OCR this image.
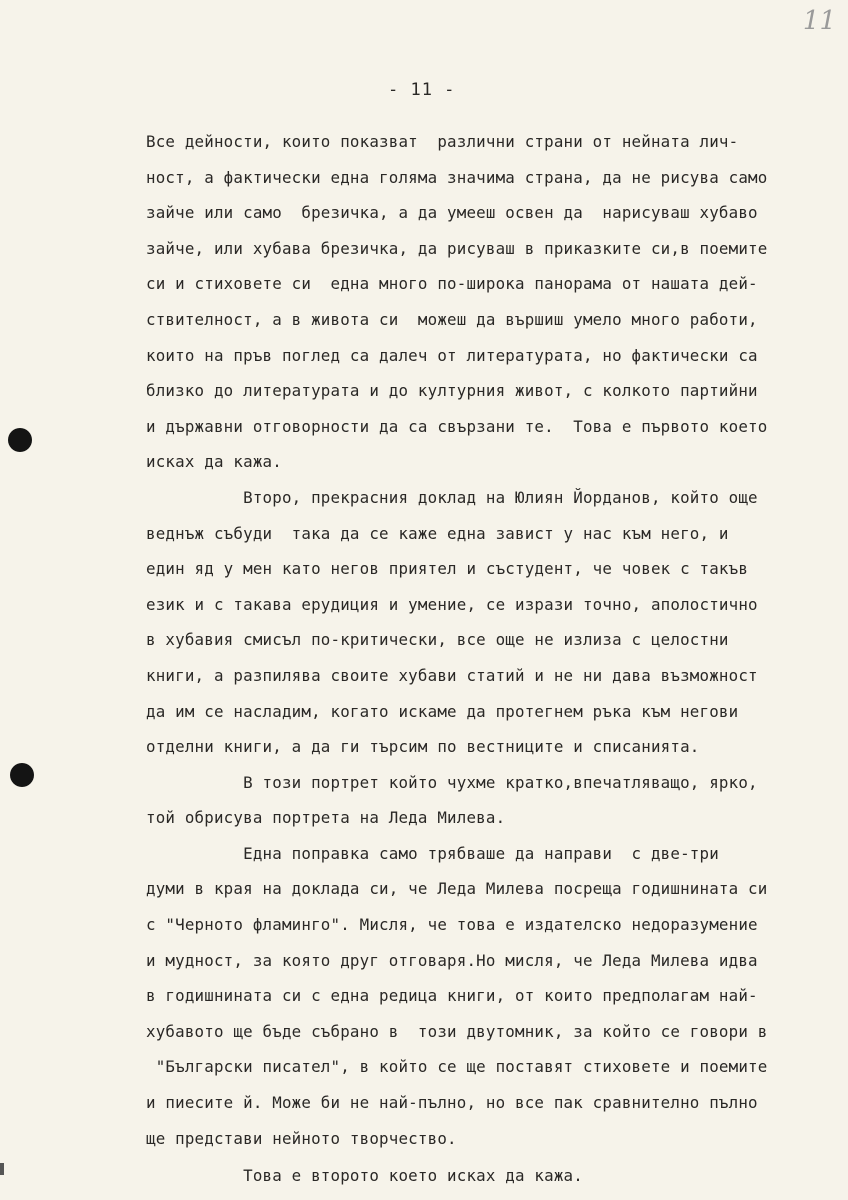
11
- 11 -
Все дейности, които показват  различни страни от нейната лич-
ност, а фактически една голяма значима страна, да не рисува само
зайче или само  брезичка, а да умееш освен да  нарисуваш хубаво
зайче, или хубава брезичка, да рисуваш в приказките си,в поемите
си и стиховете си  една много по-широка панорама от нашата дей-
ствителност, а в живота си  можеш да вършиш умело много работи,
които на пръв поглед са далеч от литературата, но фактически са
близко до литературата и до културния живот, с колкото партийни
и държавни отговорности да са свързани те.  Това е първото което
исках да кажа.
Второ, прекрасния доклад на Юлиян Йорданов, който още
веднъж събуди  така да се каже една завист у нас към него, и
един яд у мен като негов приятел и състудент, че човек с такъв
език и с такава ерудиция и умение, се изрази точно, аполостично
в хубавия смисъл по-критически, все още не излиза с целостни
книги, а разпилява своите хубави статий и не ни дава възможност
да им се насладим, когато искаме да протегнем ръка към негови
отделни книги, а да ги търсим по вестниците и списанията.
В този портрет който чухме кратко,впечатляващо, ярко,
той обрисува портрета на Леда Милева.
Една поправка само трябваше да направи  с две-три
думи в края на доклада си, че Леда Милева посреща годишнината си
с "Черното фламинго". Мисля, че това е издателско недоразумение
и мудност, за която друг отговаря.Но мисля, че Леда Милева идва
в годишнината си с една редица книги, от които предполагам най-
хубавото ще бъде събрано в  този двутомник, за който се говори в
"Български писател", в който се ще поставят стиховете и поемите
и пиесите й. Може би не най-пълно, но все пак сравнително пълно
ще представи нейното творчество.
Това е второто което исках да кажа.
